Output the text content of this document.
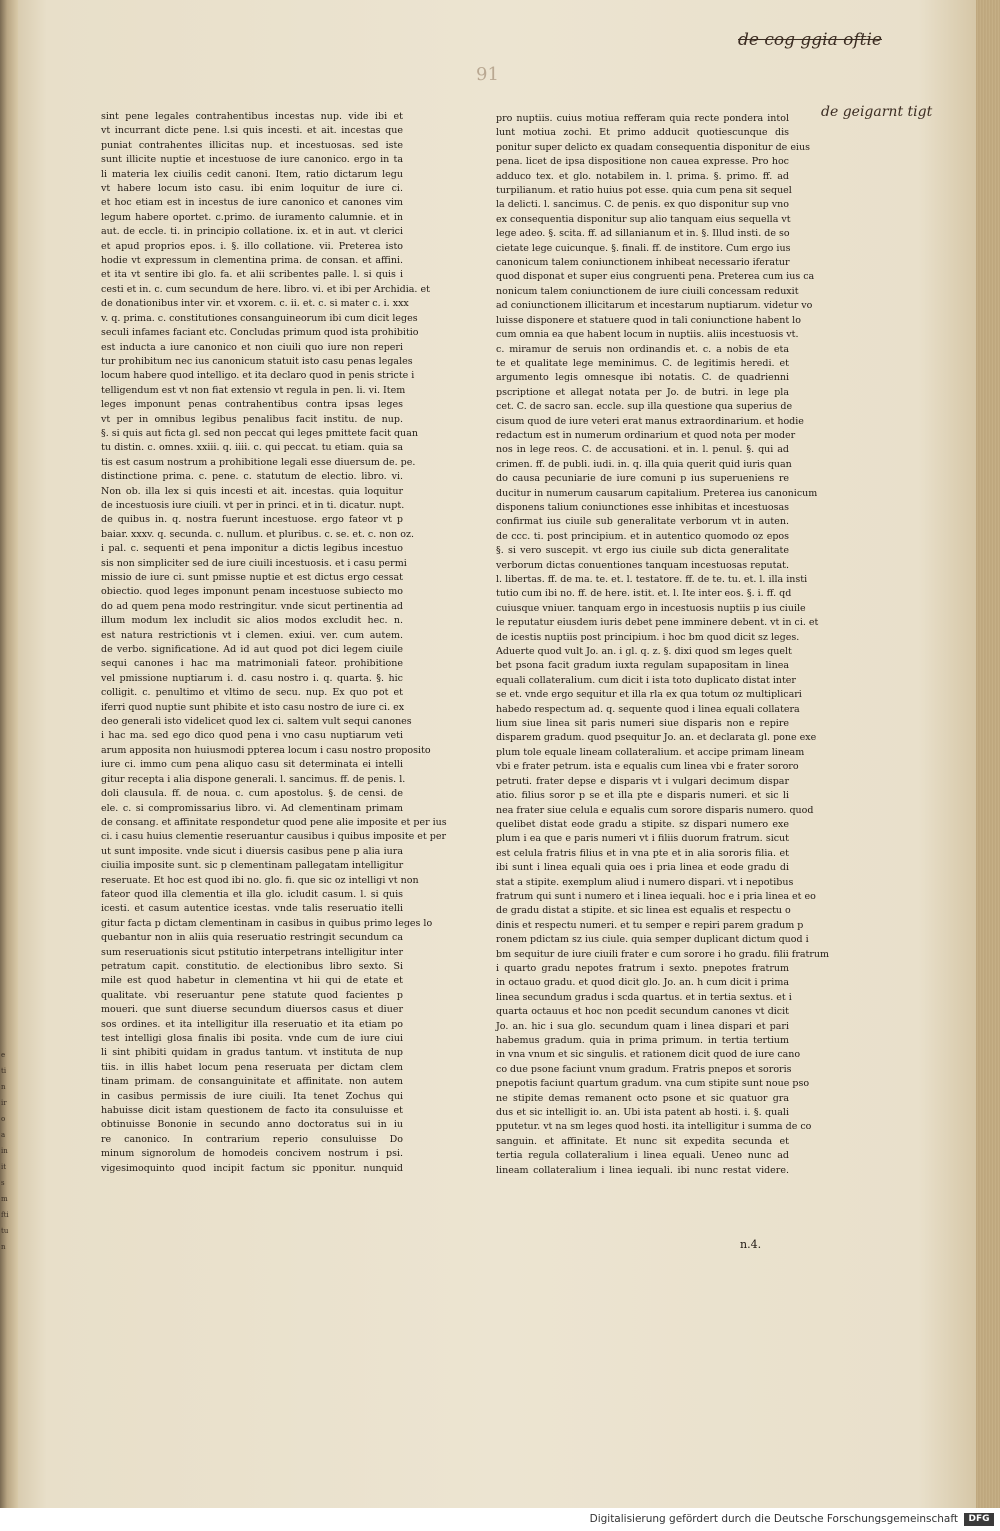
e
ti
n
ir
o
a
in
it
s
m
fti
tu
n
91
de cog ggia oftie
de geigarnt tigt
sint pene legales contrahentibus incestas nup. vide ibi et
vt incurrant dicte pene. l.si quis incesti. et ait. incestas que
puniat contrahentes illicitas nup. et incestuosas. sed iste
sunt illicite nuptie et incestuose de iure canonico. ergo in ta
li materia lex ciuilis cedit canoni. Item, ratio dictarum legu
vt habere locum isto casu. ibi enim loquitur de iure ci.
et hoc etiam est in incestus de iure canonico et canones vim
legum habere oportet. c.primo. de iuramento calumnie. et in
aut. de eccle. ti. in principio collatione. ix. et in aut. vt clerici
et apud proprios epos. i. §. illo collatione. vii. Preterea isto
hodie vt expressum in clementina prima. de consan. et affini.
et ita vt sentire ibi glo. fa. et alii scribentes palle. l. si quis i
cesti et in. c. cum secundum de here. libro. vi. et ibi per Archidia. et
de donationibus inter vir. et vxorem. c. ii. et. c. si mater c. i. xxx
v. q. prima. c. constitutiones consanguineorum ibi cum dicit leges
seculi infames faciant etc. Concludas primum quod ista prohibitio
est inducta a iure canonico et non ciuili quo iure non reperi
tur prohibitum nec ius canonicum statuit isto casu penas legales
locum habere quod intelligo. et ita declaro quod in penis stricte i
telligendum est vt non fiat extensio vt regula in pen. li. vi. Item
leges imponunt penas contrahentibus contra ipsas leges
vt per in omnibus legibus penalibus facit institu. de nup.
§. si quis aut ficta gl. sed non peccat qui leges pmittete facit quan
tu distin. c. omnes. xxiii. q. iiii. c. qui peccat. tu etiam. quia sa
tis est casum nostrum a prohibitione legali esse diuersum de. pe.
distinctione prima. c. pene. c. statutum de electio. libro. vi.
Non ob. illa lex si quis incesti et ait. incestas. quia loquitur
de incestuosis iure ciuili. vt per in princi. et in ti. dicatur. nupt.
de quibus in. q. nostra fuerunt incestuose. ergo fateor vt p
baiar. xxxv. q. secunda. c. nullum. et pluribus. c. se. et. c. non oz.
i pal. c. sequenti et pena imponitur a dictis legibus incestuo
sis non simpliciter sed de iure ciuili incestuosis. et i casu permi
missio de iure ci. sunt pmisse nuptie et est dictus ergo cessat
obiectio. quod leges imponunt penam incestuose subiecto mo
do ad quem pena modo restringitur. vnde sicut pertinentia ad
illum modum lex includit sic alios modos excludit hec. n.
est natura restrictionis vt i clemen. exiui. ver. cum autem.
de verbo. significatione. Ad id aut quod pot dici legem ciuile
sequi canones i hac ma matrimoniali fateor. prohibitione
vel pmissione nuptiarum i. d. casu nostro i. q. quarta. §. hic
colligit. c. penultimo et vltimo de secu. nup. Ex quo pot et
iferri quod nuptie sunt phibite et isto casu nostro de iure ci. ex
deo generali isto videlicet quod lex ci. saltem vult sequi canones
i hac ma. sed ego dico quod pena i vno casu nuptiarum veti
arum apposita non huiusmodi ppterea locum i casu nostro proposito
iure ci. immo cum pena aliquo casu sit determinata ei intelli
gitur recepta i alia dispone generali. l. sancimus. ff. de penis. l.
doli clausula. ff. de noua. c. cum apostolus. §. de censi. de
ele. c. si compromissarius libro. vi. Ad clementinam primam
de consang. et affinitate respondetur quod pene alie imposite et per ius
ci. i casu huius clementie reseruantur causibus i quibus imposite et per
ut sunt imposite. vnde sicut i diuersis casibus pene p alia iura
ciuilia imposite sunt. sic p clementinam pallegatam intelligitur
reseruate. Et hoc est quod ibi no. glo. fi. que sic oz intelligi vt non
fateor quod illa clementia et illa glo. icludit casum. l. si quis
icesti. et casum autentice icestas. vnde talis reseruatio itelli
gitur facta p dictam clementinam in casibus in quibus primo leges lo
quebantur non in aliis quia reseruatio restringit secundum ca
sum reseruationis sicut pstitutio interpetrans intelligitur inter
petratum capit. constitutio. de electionibus libro sexto. Si
mile est quod habetur in clementina vt hii qui de etate et
qualitate. vbi reseruantur pene statute quod facientes p
moueri. que sunt diuerse secundum diuersos casus et diuer
sos ordines. et ita intelligitur illa reseruatio et ita etiam po
test intelligi glosa finalis ibi posita. vnde cum de iure ciui
li sint phibiti quidam in gradus tantum. vt instituta de nup
tiis. in illis habet locum pena reseruata per dictam clem
tinam primam. de consanguinitate et affinitate. non autem
in casibus permissis de iure ciuili. Ita tenet Zochus qui
habuisse dicit istam questionem de facto ita consuluisse et
obtinuisse Bononie in secundo anno doctoratus sui in iu
re canonico. In contrarium reperio consuluisse Do
minum signorolum de homodeis concivem nostrum i psi.
vigesimoquinto quod incipit factum sic pponitur. nunquid
pro nuptiis. cuius motiua refferam quia recte pondera intol
lunt motiua zochi. Et primo adducit quotiescunque dis
ponitur super delicto ex quadam consequentia disponitur de eius
pena. licet de ipsa dispositione non cauea expresse. Pro hoc
adduco tex. et glo. notabilem in. l. prima. §. primo. ff. ad
turpilianum. et ratio huius pot esse. quia cum pena sit sequel
la delicti. l. sancimus. C. de penis. ex quo disponitur sup vno
ex consequentia disponitur sup alio tanquam eius sequella vt
lege adeo. §. scita. ff. ad sillanianum et in. §. Illud insti. de so
cietate lege cuicunque. §. finali. ff. de institore. Cum ergo ius
canonicum talem coniunctionem inhibeat necessario iferatur
quod disponat et super eius congruenti pena. Preterea cum ius ca
nonicum talem coniunctionem de iure ciuili concessam reduxit
ad coniunctionem illicitarum et incestarum nuptiarum. videtur vo
luisse disponere et statuere quod in tali coniunctione habent lo
cum omnia ea que habent locum in nuptiis. aliis incestuosis vt.
c. miramur de seruis non ordinandis et. c. a nobis de eta
te et qualitate lege meminimus. C. de legitimis heredi. et
argumento legis omnesque ibi notatis. C. de quadrienni
pscriptione et allegat notata per Jo. de butri. in lege pla
cet. C. de sacro san. eccle. sup illa questione qua superius de
cisum quod de iure veteri erat manus extraordinarium. et hodie
redactum est in numerum ordinarium et quod nota per moder
nos in lege reos. C. de accusationi. et in. l. penul. §. qui ad
crimen. ff. de publi. iudi. in. q. illa quia querit quid iuris quan
do causa pecuniarie de iure comuni p ius superueniens re
ducitur in numerum causarum capitalium. Preterea ius canonicum
disponens talium coniunctiones esse inhibitas et incestuosas
confirmat ius ciuile sub generalitate verborum vt in auten.
de ccc. ti. post principium. et in autentico quomodo oz epos
§. si vero suscepit. vt ergo ius ciuile sub dicta generalitate
verborum dictas conuentiones tanquam incestuosas reputat.
l. libertas. ff. de ma. te. et. l. testatore. ff. de te. tu. et. l. illa insti
tutio cum ibi no. ff. de here. istit. et. l. Ite inter eos. §. i. ff. qd
cuiusque vniuer. tanquam ergo in incestuosis nuptiis p ius ciuile
le reputatur eiusdem iuris debet pene imminere debent. vt in ci. et
de icestis nuptiis post principium. i hoc bm quod dicit sz leges.
Aduerte quod vult Jo. an. i gl. q. z. §. dixi quod sm leges quelt
bet psona facit gradum iuxta regulam supapositam in linea
equali collateralium. cum dicit i ista toto duplicato distat inter
se et. vnde ergo sequitur et illa rla ex qua totum oz multiplicari
habedo respectum ad. q. sequente quod i linea equali collatera
lium siue linea sit paris numeri siue disparis non e repire
disparem gradum. quod psequitur Jo. an. et declarata gl. pone exe
plum tole equale lineam collateralium. et accipe primam lineam
vbi e frater petrum. ista e equalis cum linea vbi e frater sororo
petruti. frater depse e disparis vt i vulgari decimum dispar
atio. filius soror p se et illa pte e disparis numeri. et sic li
nea frater siue celula e equalis cum sorore disparis numero. quod
quelibet distat eode gradu a stipite. sz dispari numero exe
plum i ea que e paris numeri vt i filiis duorum fratrum. sicut
est celula fratris filius et in vna pte et in alia sororis filia. et
ibi sunt i linea equali quia oes i pria linea et eode gradu di
stat a stipite. exemplum aliud i numero dispari. vt i nepotibus
fratrum qui sunt i numero et i linea iequali. hoc e i pria linea et eo
de gradu distat a stipite. et sic linea est equalis et respectu o
dinis et respectu numeri. et tu semper e repiri parem gradum p
ronem pdictam sz ius ciule. quia semper duplicant dictum quod i
bm sequitur de iure ciuili frater e cum sorore i ho gradu. filii fratrum
i quarto gradu nepotes fratrum i sexto. pnepotes fratrum
in octauo gradu. et quod dicit glo. Jo. an. h cum dicit i prima
linea secundum gradus i scda quartus. et in tertia sextus. et i
quarta octauus et hoc non pcedit secundum canones vt dicit
Jo. an. hic i sua glo. secundum quam i linea dispari et pari
habemus gradum. quia in prima primum. in tertia tertium
in vna vnum et sic singulis. et rationem dicit quod de iure cano
co due psone faciunt vnum gradum. Fratris pnepos et sororis
pnepotis faciunt quartum gradum. vna cum stipite sunt noue pso
ne stipite demas remanent octo psone et sic quatuor gra
dus et sic intelligit io. an. Ubi ista patent ab hosti. i. §. quali
pputetur. vt na sm leges quod hosti. ita intelligitur i summa de co
sanguin. et affinitate. Et nunc sit expedita secunda et
tertia regula collateralium i linea equali. Ueneo nunc ad
lineam collateralium i linea iequali. ibi nunc restat videre.
n.4.
Digitalisierung gefördert durch die Deutsche Forschungsgemeinschaft	DFG
